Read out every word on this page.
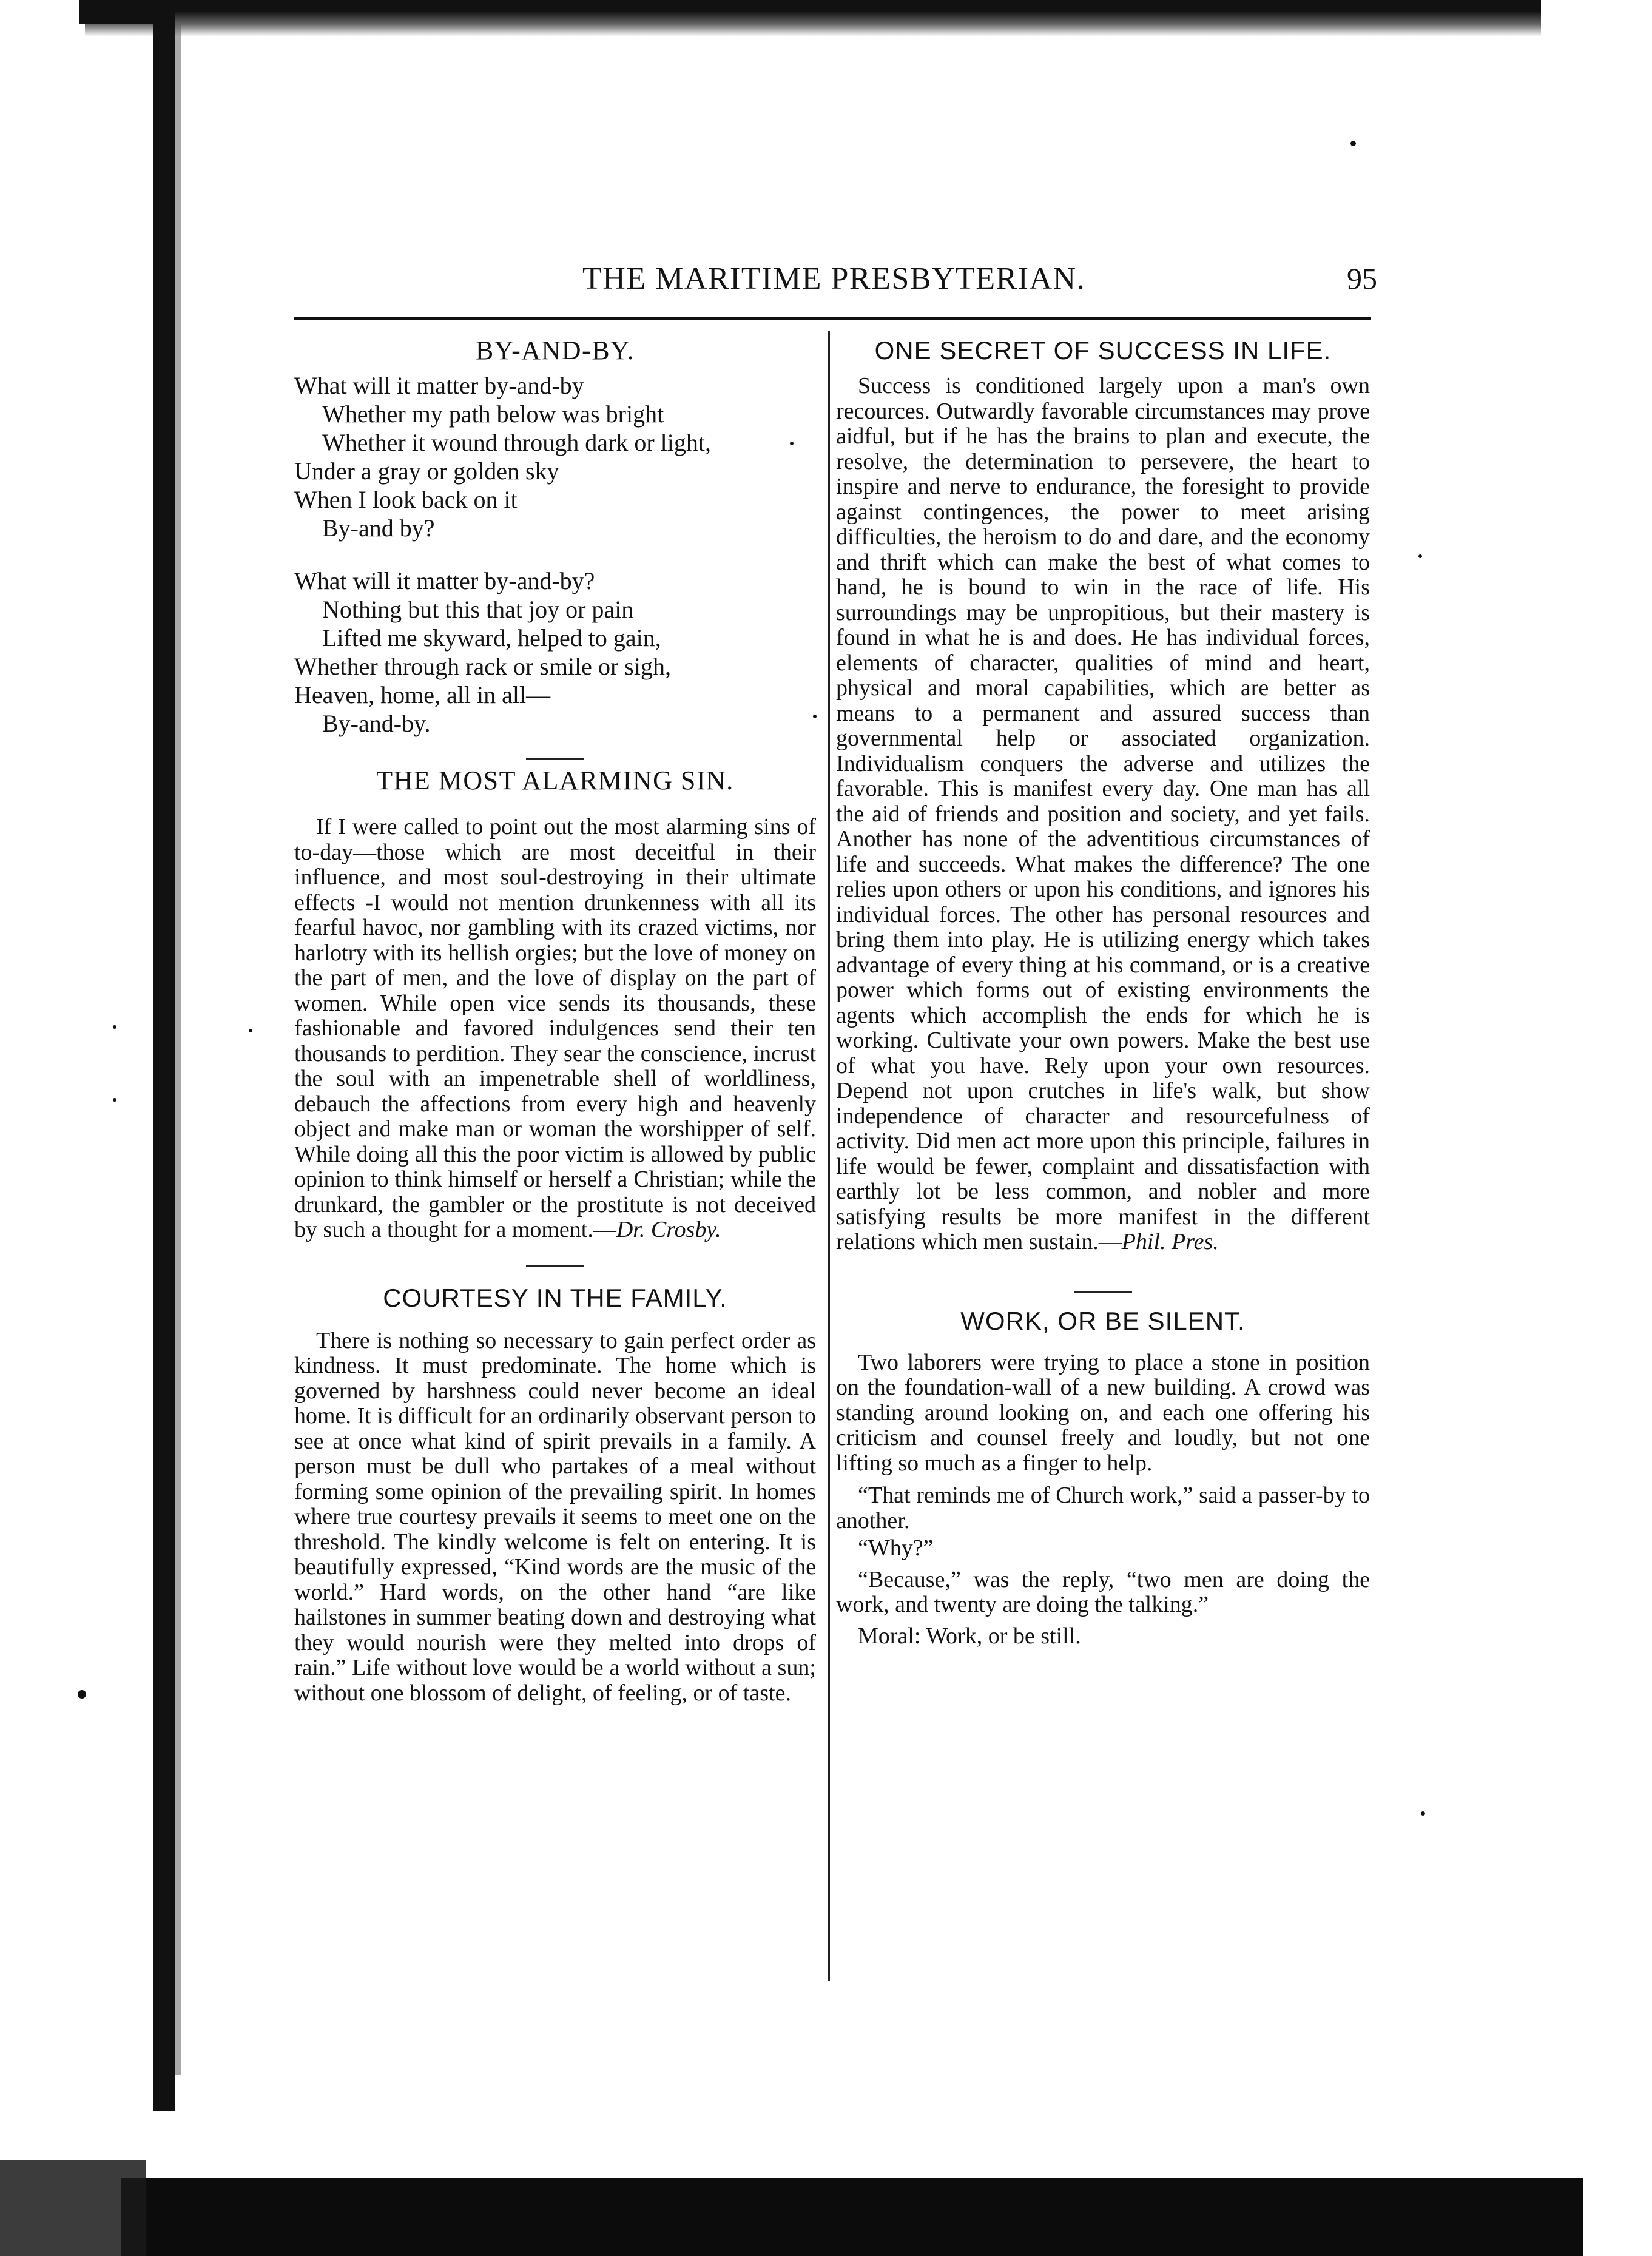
THE MARITIME PRESBYTERIAN.	95
BY-AND-BY.
What will it matter by-and-by
Whether my path below was bright
Whether it wound through dark or light,
Under a gray or golden sky
When I look back on it
By-and by?
What will it matter by-and-by?
Nothing but this that joy or pain
Lifted me skyward, helped to gain,
Whether through rack or smile or sigh,
Heaven, home, all in all—
By-and-by.
THE MOST ALARMING SIN.

If I were called to point out the most alarming sins of to-day—those which are most deceitful in their influence, and most soul-destroying in their ultimate effects -I would not mention drunkenness with all its fearful havoc, nor gambling with its crazed victims, nor harlotry with its hellish orgies; but the love of money on the part of men, and the love of display on the part of women. While open vice sends its thousands, these fashionable and favored indulgences send their ten thousands to perdition. They sear the conscience, incrust the soul with an impenetrable shell of worldliness, debauch the affections from every high and heavenly object and make man or woman the worshipper of self. While doing all this the poor victim is allowed by public opinion to think himself or herself a Christian; while the drunkard, the gambler or the prostitute is not deceived by such a thought for a moment.—Dr. Crosby.

COURTESY IN THE FAMILY.

There is nothing so necessary to gain perfect order as kindness. It must predominate. The home which is governed by harshness could never become an ideal home. It is difficult for an ordinarily observant person to see at once what kind of spirit prevails in a family. A person must be dull who partakes of a meal without forming some opinion of the prevailing spirit. In homes where true courtesy prevails it seems to meet one on the threshold. The kindly welcome is felt on entering. It is beautifully expressed, “Kind words are the music of the world.” Hard words, on the other hand “are like hailstones in summer beating down and destroying what they would nourish were they melted into drops of rain.” Life without love would be a world without a sun; without one blossom of delight, of feeling, or of taste.

ONE SECRET OF SUCCESS IN LIFE.

Success is conditioned largely upon a man's own recources. Outwardly favorable circumstances may prove aidful, but if he has the brains to plan and execute, the resolve, the determination to persevere, the heart to inspire and nerve to endurance, the foresight to provide against contingences, the power to meet arising difficulties, the heroism to do and dare, and the economy and thrift which can make the best of what comes to hand, he is bound to win in the race of life. His surroundings may be unpropitious, but their mastery is found in what he is and does. He has individual forces, elements of character, qualities of mind and heart, physical and moral capabilities, which are better as means to a permanent and assured success than governmental help or associated organization. Individualism conquers the adverse and utilizes the favorable. This is manifest every day. One man has all the aid of friends and position and society, and yet fails. Another has none of the adventitious circumstances of life and succeeds. What makes the difference? The one relies upon others or upon his conditions, and ignores his individual forces. The other has personal resources and bring them into play. He is utilizing energy which takes advantage of every thing at his command, or is a creative power which forms out of existing environments the agents which accomplish the ends for which he is working. Cultivate your own powers. Make the best use of what you have. Rely upon your own resources. Depend not upon crutches in life's walk, but show independence of character and resourcefulness of activity. Did men act more upon this principle, failures in life would be fewer, complaint and dissatisfaction with earthly lot be less common, and nobler and more satisfying results be more manifest in the different relations which men sustain.—Phil. Pres.

WORK, OR BE SILENT.

Two laborers were trying to place a stone in position on the foundation-wall of a new building. A crowd was standing around looking on, and each one offering his criticism and counsel freely and loudly, but not one lifting so much as a finger to help.

“That reminds me of Church work,” said a passer-by to another.

“Why?”

“Because,” was the reply, “two men are doing the work, and twenty are doing the talking.”

Moral: Work, or be still.
